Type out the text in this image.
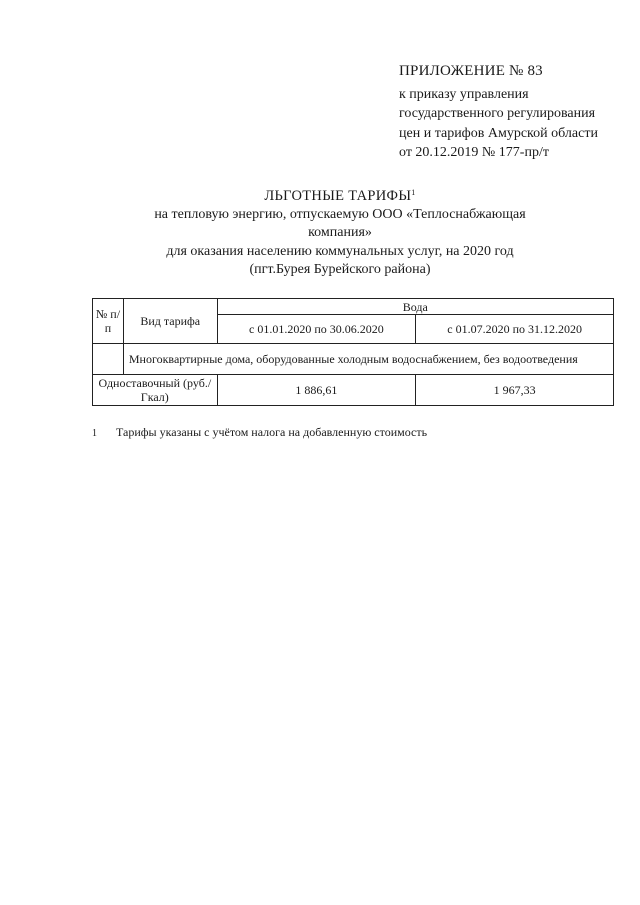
ПРИЛОЖЕНИЕ № 83
к приказу управления
государственного регулирования
цен и тарифов Амурской области
от 20.12.2019 № 177-пр/т
ЛЬГОТНЫЕ ТАРИФЫ$^1$
на тепловую энергию, отпускаемую ООО «Теплоснабжающая
компания»
для оказания населению коммунальных услуг, на 2020 год
(пгт.Бурея Бурейского района)
№ п/п	Вид тарифа	Вода	
		с 01.01.2020 по 30.06.2020	с 01.07.2020 по 31.12.2020
	Многоквартирные дома, оборудованные холодным водоснабжением, без водоотведения		
Одноставочный (руб./Гкал)		1 886,61	1 967,33
1 Тарифы указаны с учётом налога на добавленную стоимость
